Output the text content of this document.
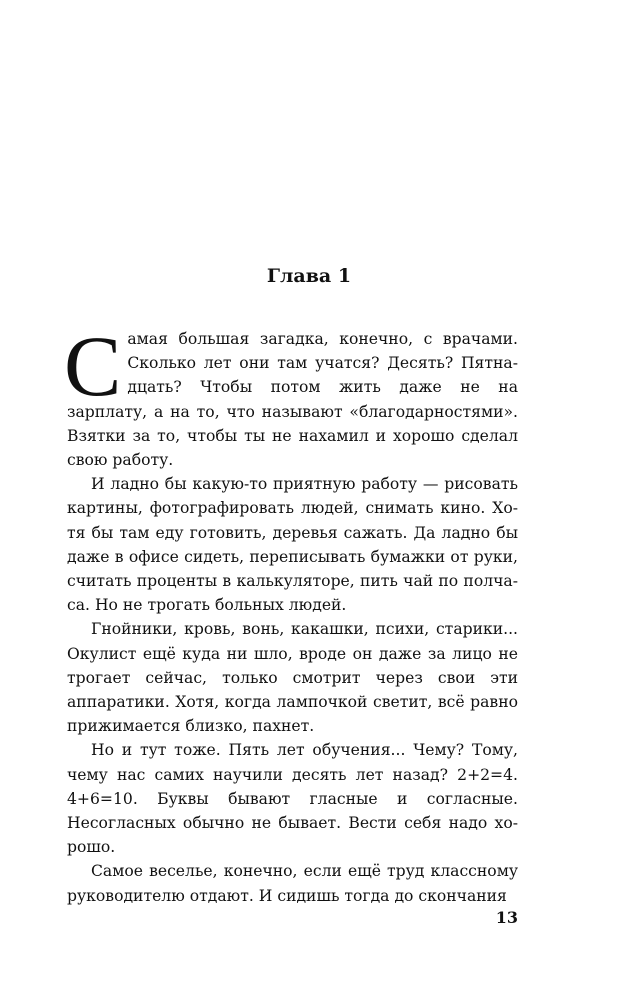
Глава 1

Самая большая загадка, конечно, с врачами. Сколько лет они там учатся? Десять? Пятнадцать? Чтобы потом жить даже не на зарплату, а на то, что называют «благодарностями». Взятки за то, чтобы ты не нахамил и хорошо сделал свою работу.

И ладно бы какую-то приятную работу — рисовать картины, фотографировать людей, снимать кино. Хотя бы там еду готовить, деревья сажать. Да ладно бы даже в офисе сидеть, переписывать бумажки от руки, считать проценты в калькуляторе, пить чай по полчаса. Но не трогать больных людей.

Гнойники, кровь, вонь, какашки, психи, старики... Окулист ещё куда ни шло, вроде он даже за лицо не трогает сейчас, только смотрит через свои эти аппаратики. Хотя, когда лампочкой светит, всё равно прижимается близко, пахнет.

Но и тут тоже. Пять лет обучения... Чему? Тому, чему нас самих научили десять лет назад? 2+2=4. 4+6=10. Буквы бывают гласные и согласные. Несогласных обычно не бывает. Вести себя надо хорошо.

Самое веселье, конечно, если ещё труд классному руководителю отдают. И сидишь тогда до скончания

13
